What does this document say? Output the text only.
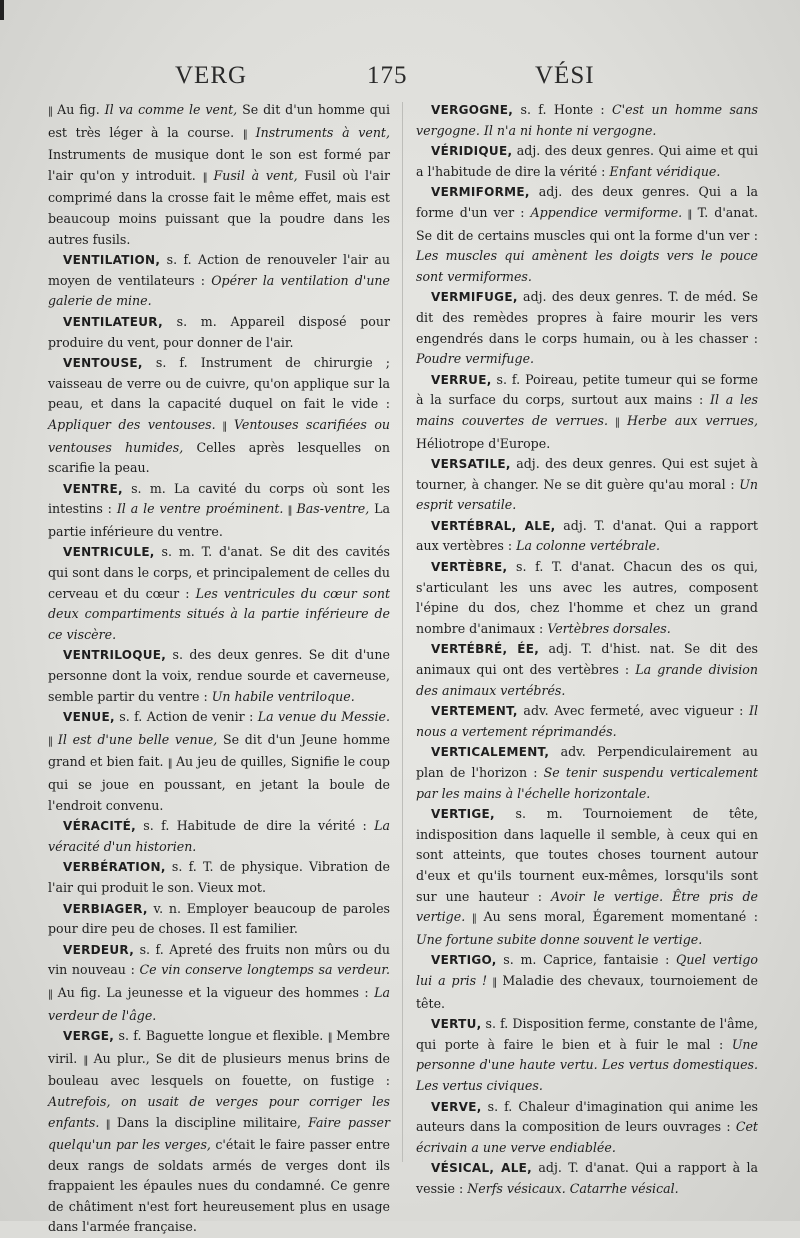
VERG	175	VÉSI

‖ Au fig. Il va comme le vent, Se dit d'un homme qui est très léger à la course. ‖ Instruments à vent, Instruments de musique dont le son est formé par l'air qu'on y introduit. ‖ Fusil à vent, Fusil où l'air comprimé dans la crosse fait le même effet, mais est beaucoup moins puissant que la poudre dans les autres fusils.

VENTILATION, s. f. Action de renouveler l'air au moyen de ventilateurs : Opérer la ventilation d'une galerie de mine.

VENTILATEUR, s. m. Appareil disposé pour produire du vent, pour donner de l'air.

VENTOUSE, s. f. Instrument de chirurgie ; vaisseau de verre ou de cuivre, qu'on applique sur la peau, et dans la capacité duquel on fait le vide : Appliquer des ventouses. ‖ Ventouses scarifiées ou ventouses humides, Celles après lesquelles on scarifie la peau.

VENTRE, s. m. La cavité du corps où sont les intestins : Il a le ventre proéminent. ‖ Bas-ventre, La partie inférieure du ventre.

VENTRICULE, s. m. T. d'anat. Se dit des cavités qui sont dans le corps, et principalement de celles du cerveau et du cœur : Les ventricules du cœur sont deux compartiments situés à la partie inférieure de ce viscère.

VENTRILOQUE, s. des deux genres. Se dit d'une personne dont la voix, rendue sourde et caverneuse, semble partir du ventre : Un habile ventriloque.

VENUE, s. f. Action de venir : La venue du Messie. ‖ Il est d'une belle venue, Se dit d'un Jeune homme grand et bien fait. ‖ Au jeu de quilles, Signifie le coup qui se joue en poussant, en jetant la boule de l'endroit convenu.

VÉRACITÉ, s. f. Habitude de dire la vérité : La véracité d'un historien.

VERBÉRATION, s. f. T. de physique. Vibration de l'air qui produit le son. Vieux mot.

VERBIAGER, v. n. Employer beaucoup de paroles pour dire peu de choses. Il est familier.

VERDEUR, s. f. Apreté des fruits non mûrs ou du vin nouveau : Ce vin conserve longtemps sa verdeur. ‖ Au fig. La jeunesse et la vigueur des hommes : La verdeur de l'âge.

VERGE, s. f. Baguette longue et flexible. ‖ Membre viril. ‖ Au plur., Se dit de plusieurs menus brins de bouleau avec lesquels on fouette, on fustige : Autrefois, on usait de verges pour corriger les enfants. ‖ Dans la discipline militaire, Faire passer quelqu'un par les verges, c'était le faire passer entre deux rangs de soldats armés de verges dont ils frappaient les épaules nues du condamné. Ce genre de châtiment n'est fort heureusement plus en usage dans l'armée française.

VERGOGNE, s. f. Honte : C'est un homme sans vergogne. Il n'a ni honte ni vergogne.

VÉRIDIQUE, adj. des deux genres. Qui aime et qui a l'habitude de dire la vérité : Enfant véridique.

VERMIFORME, adj. des deux genres. Qui a la forme d'un ver : Appendice vermiforme. ‖ T. d'anat. Se dit de certains muscles qui ont la forme d'un ver : Les muscles qui amènent les doigts vers le pouce sont vermiformes.

VERMIFUGE, adj. des deux genres. T. de méd. Se dit des remèdes propres à faire mourir les vers engendrés dans le corps humain, ou à les chasser : Poudre vermifuge.

VERRUE, s. f. Poireau, petite tumeur qui se forme à la surface du corps, surtout aux mains : Il a les mains couvertes de verrues. ‖ Herbe aux verrues, Héliotrope d'Europe.

VERSATILE, adj. des deux genres. Qui est sujet à tourner, à changer. Ne se dit guère qu'au moral : Un esprit versatile.

VERTÉBRAL, ALE, adj. T. d'anat. Qui a rapport aux vertèbres : La colonne vertébrale.

VERTÈBRE, s. f. T. d'anat. Chacun des os qui, s'articulant les uns avec les autres, composent l'épine du dos, chez l'homme et chez un grand nombre d'animaux : Vertèbres dorsales.

VERTÉBRÉ, ÉE, adj. T. d'hist. nat. Se dit des animaux qui ont des vertèbres : La grande division des animaux vertébrés.

VERTEMENT, adv. Avec fermeté, avec vigueur : Il nous a vertement réprimandés.

VERTICALEMENT, adv. Perpendiculairement au plan de l'horizon : Se tenir suspendu verticalement par les mains à l'échelle horizontale.

VERTIGE, s. m. Tournoiement de tête, indisposition dans laquelle il semble, à ceux qui en sont atteints, que toutes choses tournent autour d'eux et qu'ils tournent eux-mêmes, lorsqu'ils sont sur une hauteur : Avoir le vertige. Être pris de vertige. ‖ Au sens moral, Égarement momentané : Une fortune subite donne souvent le vertige.

VERTIGO, s. m. Caprice, fantaisie : Quel vertigo lui a pris ! ‖ Maladie des chevaux, tournoiement de tête.

VERTU, s. f. Disposition ferme, constante de l'âme, qui porte à faire le bien et à fuir le mal : Une personne d'une haute vertu. Les vertus domestiques. Les vertus civiques.

VERVE, s. f. Chaleur d'imagination qui anime les auteurs dans la composition de leurs ouvrages : Cet écrivain a une verve endiablée.

VÉSICAL, ALE, adj. T. d'anat. Qui a rapport à la vessie : Nerfs vésicaux. Catarrhe vésical.
